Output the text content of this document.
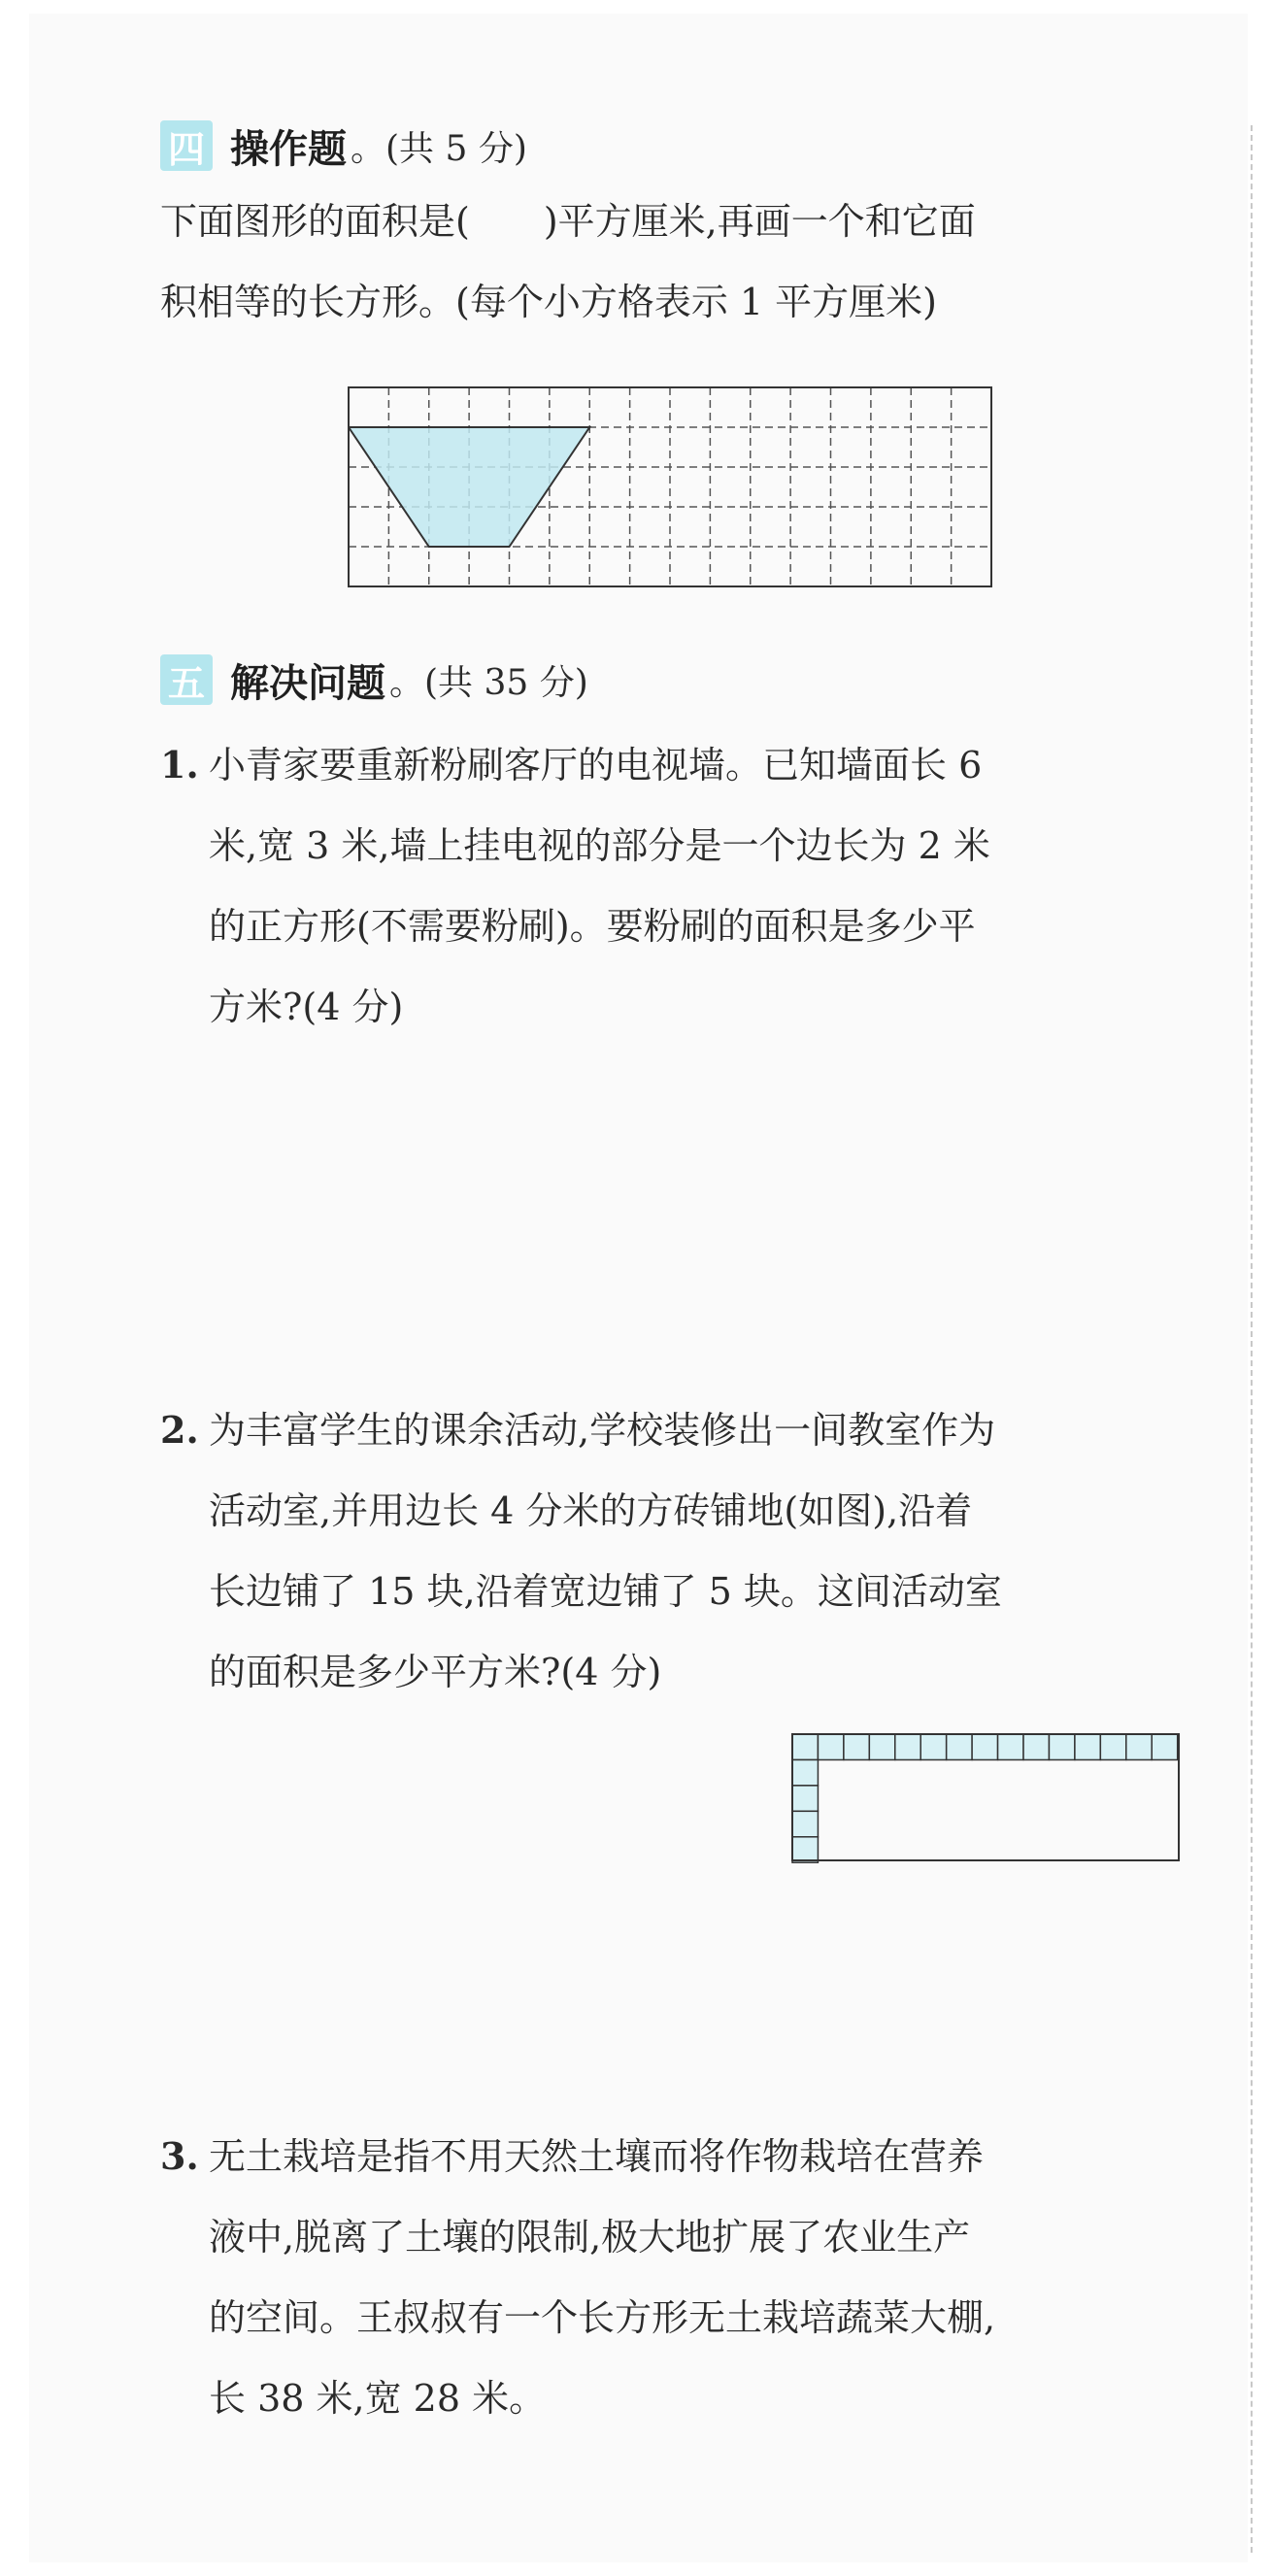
四 操作题 。(共 5 分)
下面图形的面积是(　　)平方厘米,再画一个和它面
积相等的长方形。(每个小方格表示 1 平方厘米)
五 解决问题 。(共 35 分)
1. 小青家要重新粉刷客厅的电视墙。已知墙面长 6
米,宽 3 米,墙上挂电视的部分是一个边长为 2 米
的正方形(不需要粉刷)。要粉刷的面积是多少平
方米?(4 分)
2. 为丰富学生的课余活动,学校装修出一间教室作为
活动室,并用边长 4 分米的方砖铺地(如图),沿着
长边铺了 15 块,沿着宽边铺了 5 块。这间活动室
的面积是多少平方米?(4 分)
3. 无土栽培是指不用天然土壤而将作物栽培在营养
液中,脱离了土壤的限制,极大地扩展了农业生产
的空间。王叔叔有一个长方形无土栽培蔬菜大棚,
长 38 米,宽 28 米。
